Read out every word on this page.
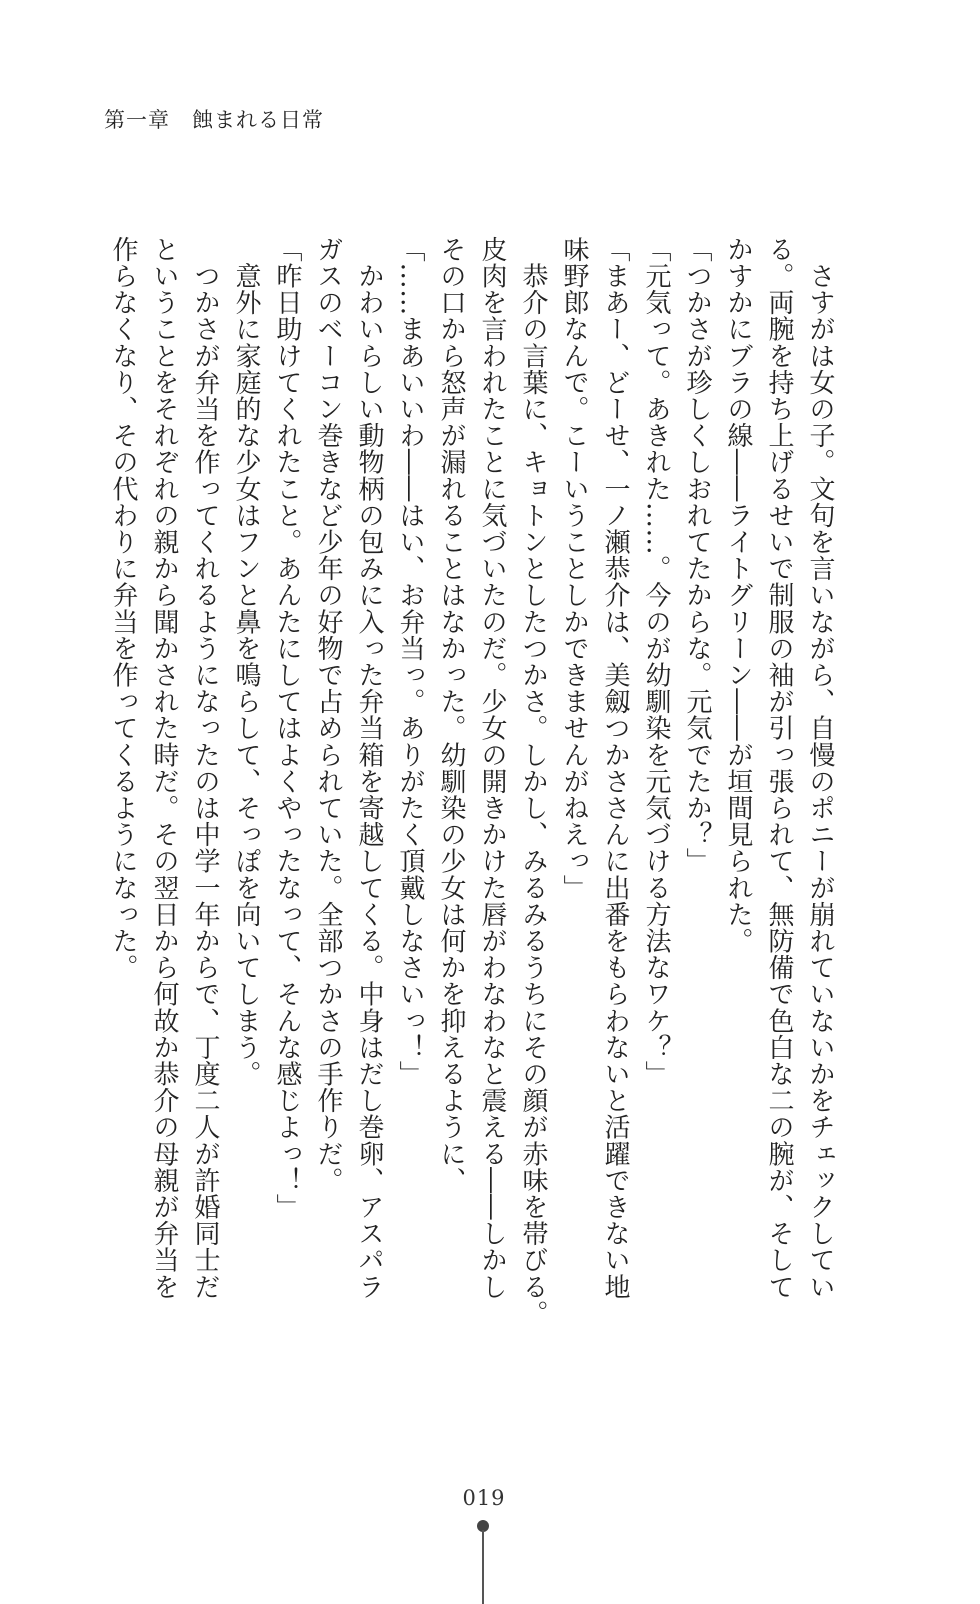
第一章　蝕まれる日常
　さすがは女の子。文句を言いながら、自慢のポニーが崩れていないかをチェックしてい
る。両腕を持ち上げるせいで制服の袖が引っ張られて、無防備で色白な二の腕が、そして
かすかにブラの線――ライトグリーン――が垣間見られた。
「つかさが珍しくしおれてたからな。元気でたか？」
「元気って。あきれた……。今のが幼馴染を元気づける方法なワケ？」
「まあー、どーせ、一ノ瀬恭介は、美劔つかささんに出番をもらわないと活躍できない地
味野郎なんで。こーいうことしかできませんがねえっ」
　恭介の言葉に、キョトンとしたつかさ。しかし、みるみるうちにその顔が赤味を帯びる。
皮肉を言われたことに気づいたのだ。少女の開きかけた唇がわなわなと震える――しかし
その口から怒声が漏れることはなかった。幼馴染の少女は何かを抑えるように、
「……まあいいわ――はい、お弁当っ。ありがたく頂戴しなさいっ！」
　かわいらしい動物柄の包みに入った弁当箱を寄越してくる。中身はだし巻卵、アスパラ
ガスのベーコン巻きなど少年の好物で占められていた。全部つかさの手作りだ。
「昨日助けてくれたこと。あんたにしてはよくやったなって、そんな感じよっ！」
　意外に家庭的な少女はフンと鼻を鳴らして、そっぽを向いてしまう。
　つかさが弁当を作ってくれるようになったのは中学一年からで、丁度二人が許婚同士だ
ということをそれぞれの親から聞かされた時だ。その翌日から何故か恭介の母親が弁当を
作らなくなり、その代わりに弁当を作ってくるようになった。
019
